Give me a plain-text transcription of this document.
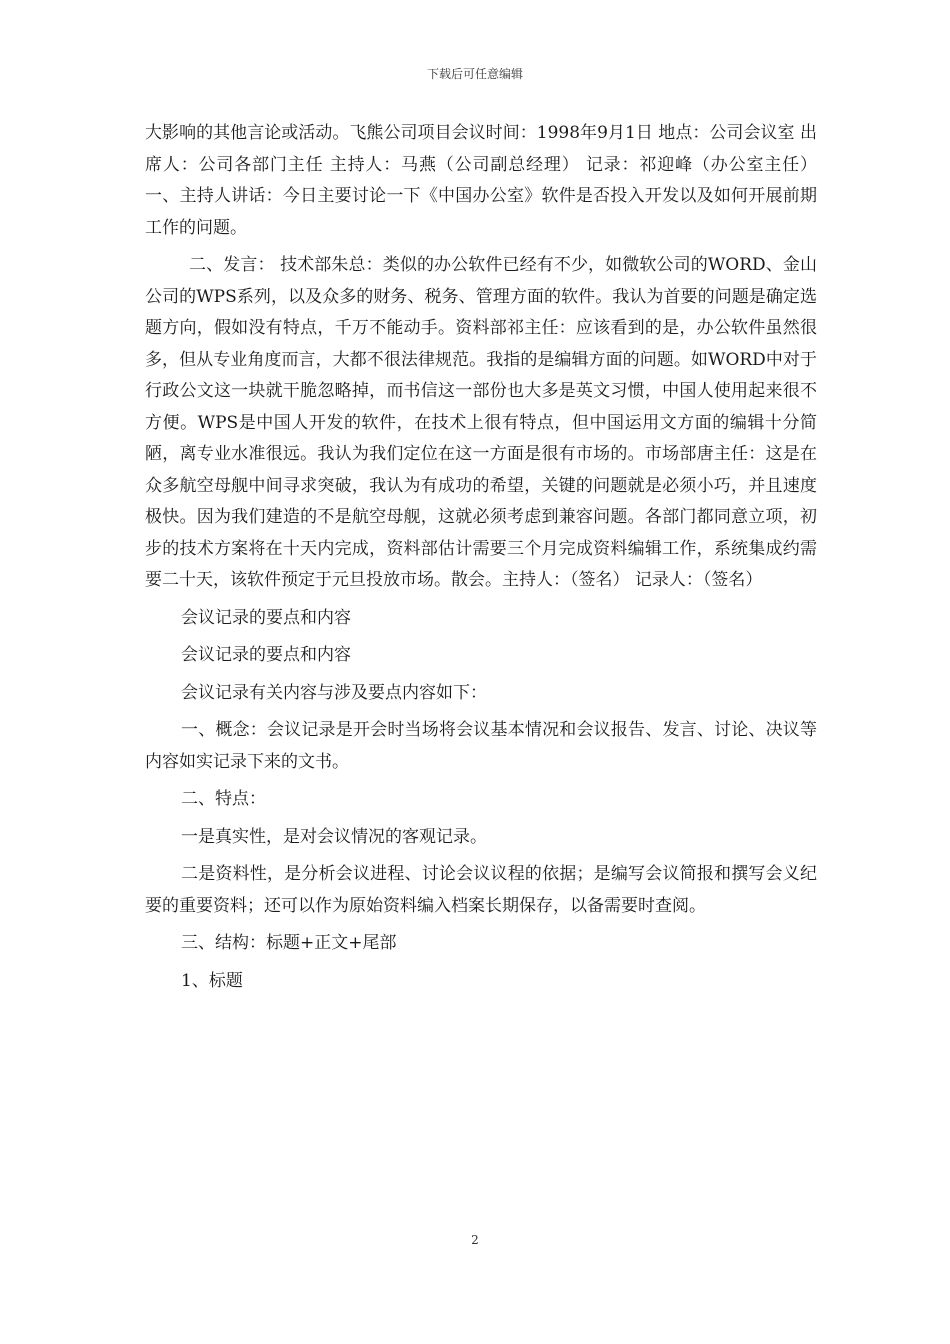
下载后可任意编辑

大影响的其他言论或活动。飞熊公司项目会议时间：1998年9月1日 地点：公司会议室 出席人：公司各部门主任 主持人：马燕（公司副总经理） 记录：祁迎峰（办公室主任）一、主持人讲话：今日主要讨论一下《中国办公室》软件是否投入开发以及如何开展前期工作的问题。

二、发言： 技术部朱总：类似的办公软件已经有不少，如微软公司的WORD、金山公司的WPS系列，以及众多的财务、税务、管理方面的软件。我认为首要的问题是确定选题方向，假如没有特点，千万不能动手。资料部祁主任：应该看到的是，办公软件虽然很多，但从专业角度而言，大都不很法律规范。我指的是编辑方面的问题。如WORD中对于行政公文这一块就干脆忽略掉，而书信这一部份也大多是英文习惯，中国人使用起来很不方便。WPS是中国人开发的软件，在技术上很有特点，但中国运用文方面的编辑十分简陋，离专业水准很远。我认为我们定位在这一方面是很有市场的。市场部唐主任：这是在众多航空母舰中间寻求突破，我认为有成功的希望，关键的问题就是必须小巧，并且速度极快。因为我们建造的不是航空母舰，这就必须考虑到兼容问题。各部门都同意立项，初步的技术方案将在十天内完成，资料部估计需要三个月完成资料编辑工作，系统集成约需要二十天，该软件预定于元旦投放市场。散会。主持人：（签名） 记录人：（签名）

会议记录的要点和内容

会议记录的要点和内容

会议记录有关内容与涉及要点内容如下：

一、概念：会议记录是开会时当场将会议基本情况和会议报告、发言、讨论、决议等内容如实记录下来的文书。

二、特点：

一是真实性，是对会议情况的客观记录。

二是资料性，是分析会议进程、讨论会议议程的依据；是编写会议简报和撰写会义纪要的重要资料；还可以作为原始资料编入档案长期保存，以备需要时查阅。

三、结构：标题+正文+尾部

1、标题

2
